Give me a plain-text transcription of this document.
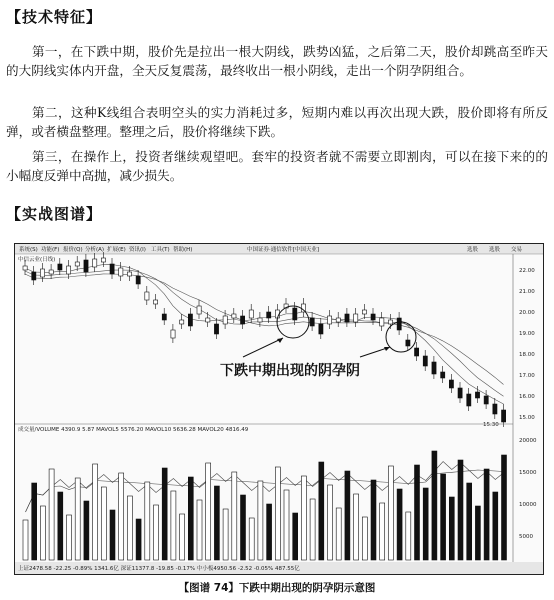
【技术特征】

第一，在下跌中期，股价先是拉出一根大阴线，跌势凶猛，之后第二天，股价却跳高至昨天的大阴线实体内开盘，全天反复震荡，最终收出一根小阴线，走出一个阴孕阴组合。

第二，这种K线组合表明空头的实力消耗过多，短期内难以再次出现大跌，股价即将有所反弹，或者横盘整理。整理之后，股价将继续下跌。

第三，在操作上，投资者继续观望吧。套牢的投资者就不需要立即割肉，可以在接下来的的小幅度反弹中高抛，减少损失。

【实战图谱】
系统(S) 功能(F) 报价(Q) 分析(A) 扩展(E) 资讯(I) 工具(T) 帮助(H)	中国证券·通信软件[中国天业]	选股 选股 交易
中信云业(日线)
22.00
21.00
20.00
19.00
18.00
17.00
16.00
15.00
15.30
下跌中期出现的阴孕阴
成交量/VOLUME 4390.9 5.87 MAVOL5 5576.20 MAVOL10 5636.28 MAVOL20 4816.49
20000
15000
10000
5000
上证2478.58 -22.25 -0.89% 1341.6亿 深证11377.8 -19.85 -0.17% 中小板4950.56 -2.52 -0.05% 487.55亿
【图谱 74】下跌中期出现的阴孕阴示意图
